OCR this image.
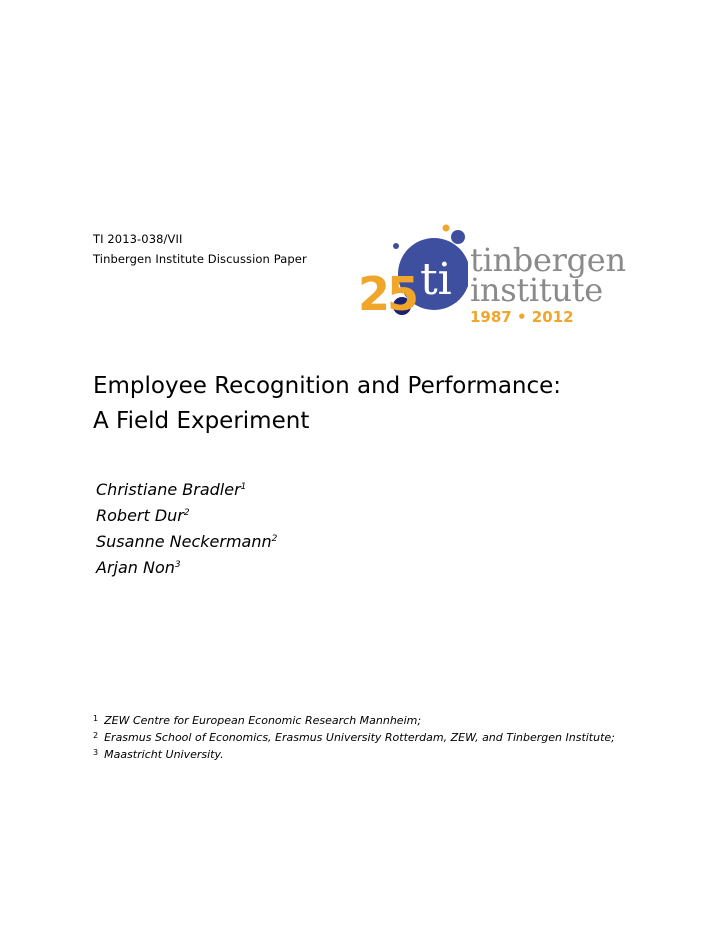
TI 2013-038/VII
Tinbergen Institute Discussion Paper
25 ti tinbergen
institute
1987 • 2012
Employee Recognition and Performance:
A Field Experiment
Christiane Bradler$^1$
Robert Dur$^2$
Susanne Neckermann$^2$
Arjan Non$^3$
$^1$ ZEW Centre for European Economic Research Mannheim;
$^2$ Erasmus School of Economics, Erasmus University Rotterdam, ZEW, and Tinbergen Institute;
$^3$ Maastricht University.
